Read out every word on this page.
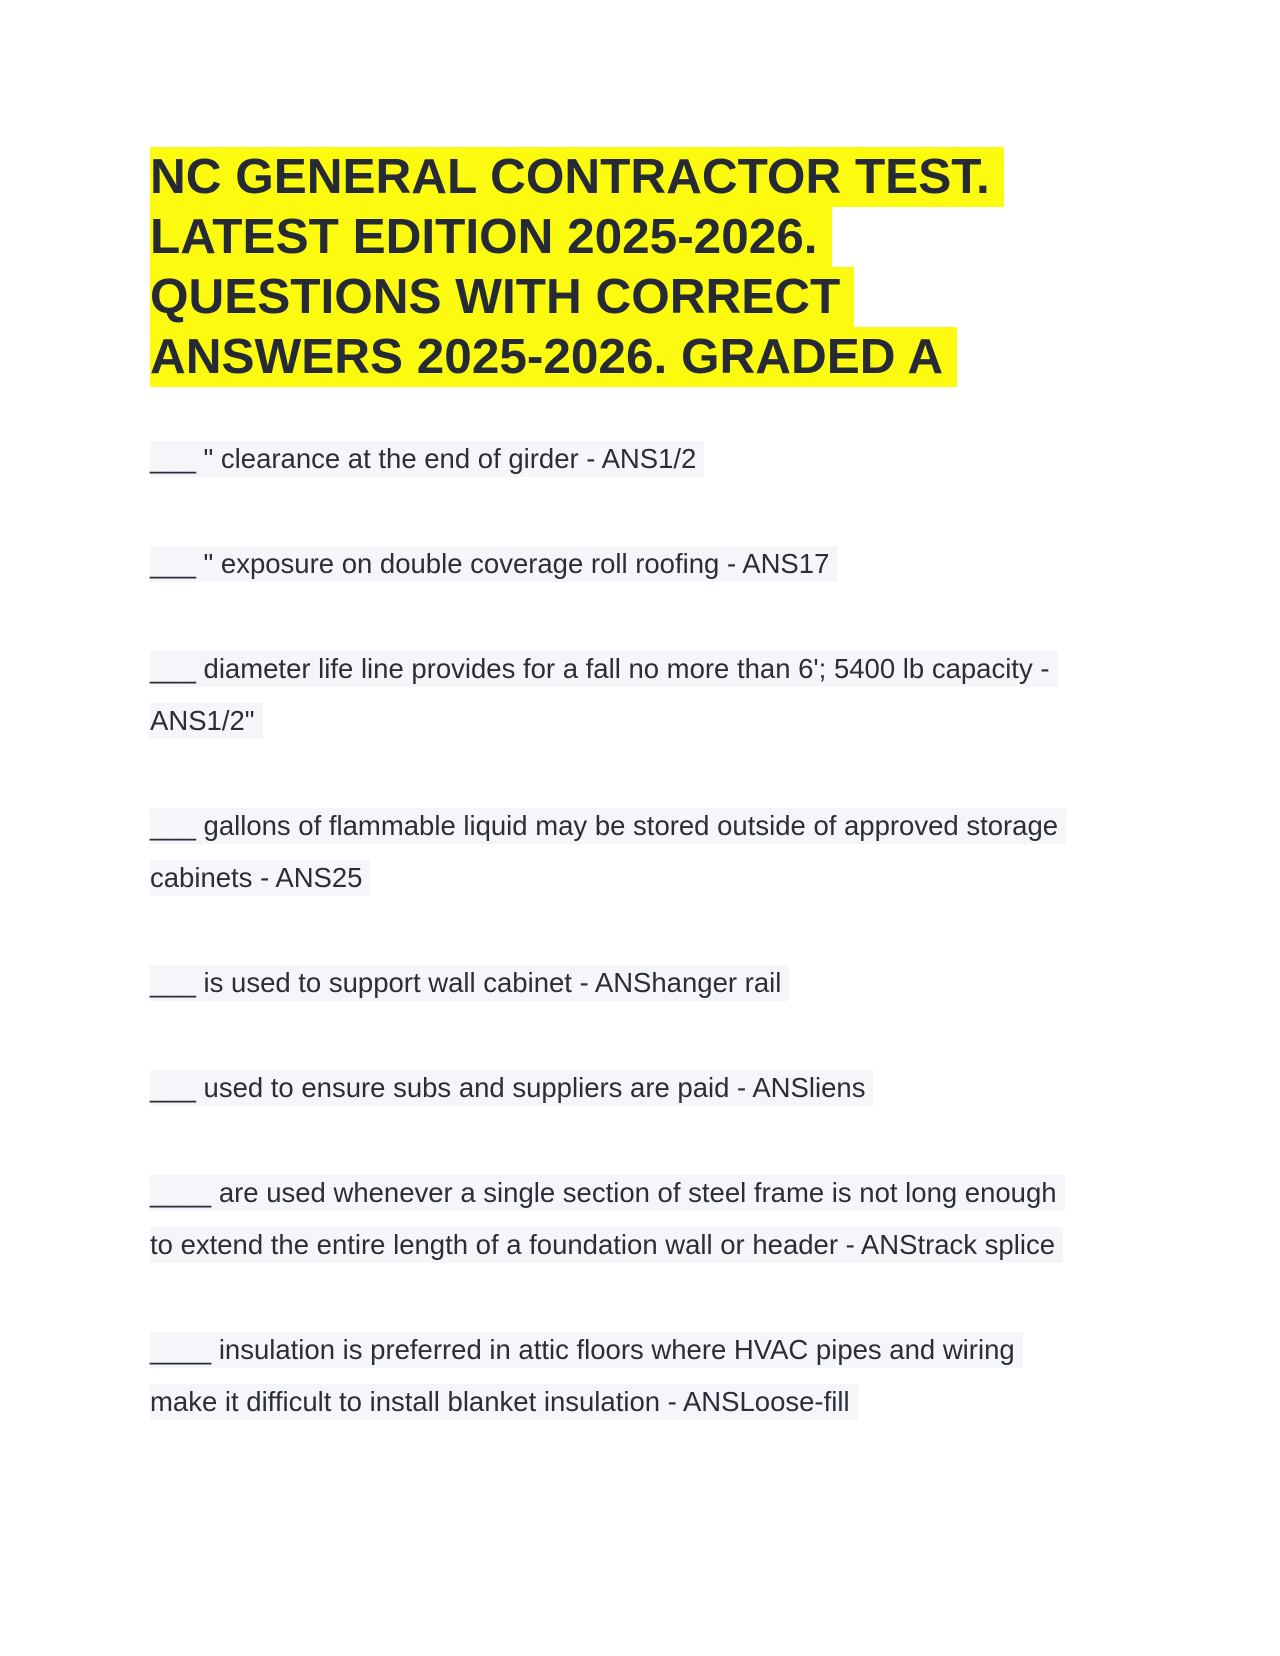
NC GENERAL CONTRACTOR TEST.
LATEST EDITION 2025-2026.
QUESTIONS WITH CORRECT
ANSWERS 2025-2026. GRADED A
___ " clearance at the end of girder - ANS1/2
___ " exposure on double coverage roll roofing - ANS17
___ diameter life line provides for a fall no more than 6'; 5400 lb capacity -
ANS1/2"
___ gallons of flammable liquid may be stored outside of approved storage
cabinets - ANS25
___ is used to support wall cabinet - ANShanger rail
___ used to ensure subs and suppliers are paid - ANSliens
____ are used whenever a single section of steel frame is not long enough
to extend the entire length of a foundation wall or header - ANStrack splice
____ insulation is preferred in attic floors where HVAC pipes and wiring
make it difficult to install blanket insulation - ANSLoose-fill
